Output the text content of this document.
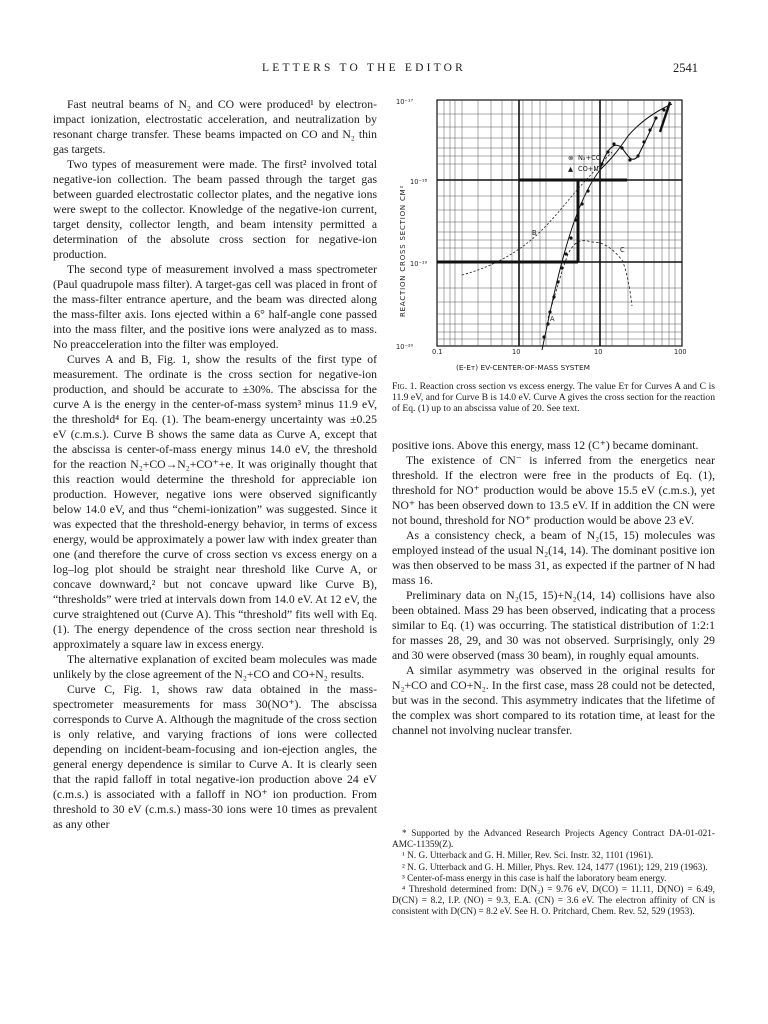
LETTERS TO THE EDITOR	2541

Fast neutral beams of N₂ and CO were produced¹ by electron-impact ionization, electrostatic acceleration, and neutralization by resonant charge transfer. These beams impacted on CO and N₂ thin gas targets.

Two types of measurement were made. The first² involved total negative-ion collection. The beam passed through the target gas between guarded electrostatic collector plates, and the negative ions were swept to the collector. Knowledge of the negative-ion current, target density, collector length, and beam intensity permitted a determination of the absolute cross section for negative-ion production.

The second type of measurement involved a mass spectrometer (Paul quadrupole mass filter). A target-gas cell was placed in front of the mass-filter entrance aperture, and the beam was directed along the mass-filter axis. Ions ejected within a 6° half-angle cone passed into the mass filter, and the positive ions were analyzed as to mass. No preacceleration into the filter was employed.

Curves A and B, Fig. 1, show the results of the first type of measurement. The ordinate is the cross section for negative-ion production, and should be accurate to ±30%. The abscissa for the curve A is the energy in the center-of-mass system³ minus 11.9 eV, the threshold⁴ for Eq. (1). The beam-energy uncertainty was ±0.25 eV (c.m.s.). Curve B shows the same data as Curve A, except that the abscissa is center-of-mass energy minus 14.0 eV, the threshold for the reaction N₂+CO→N₂+CO⁺+e. It was originally thought that this reaction would determine the threshold for appreciable ion production. However, negative ions were observed significantly below 14.0 eV, and thus “chemi-ionization” was suggested. Since it was expected that the threshold-energy behavior, in terms of excess energy, would be approximately a power law with index greater than one (and therefore the curve of cross section vs excess energy on a log–log plot should be straight near threshold like Curve A, or concave downward,² but not concave upward like Curve B), “thresholds” were tried at intervals down from 14.0 eV. At 12 eV, the curve straightened out (Curve A). This “threshold” fits well with Eq. (1). The energy dependence of the cross section near threshold is approximately a square law in excess energy.

The alternative explanation of excited beam molecules was made unlikely by the close agreement of the N₂+CO and CO+N₂ results.

Curve C, Fig. 1, shows raw data obtained in the mass-spectrometer measurements for mass 30(NO⁺). The abscissa corresponds to Curve A. Although the magnitude of the cross section is only relative, and varying fractions of ions were collected depending on incident-beam-focusing and ion-ejection angles, the general energy dependence is similar to Curve A. It is clearly seen that the rapid falloff in total negative-ion production above 24 eV (c.m.s.) is associated with a falloff in NO⁺ ion production. From threshold to 30 eV (c.m.s.) mass-30 ions were 10 times as prevalent as any other

10⁻¹⁷
10⁻¹⁸
10⁻¹⁹
10⁻²⁰
0.1	10	10	100
REACTION CROSS SECTION CM²
(E-Eᴛ) EV-CENTER-OF-MASS SYSTEM
⊗ N₂+CO
▲ CO+N₂
A
B
C
Fig. 1. Reaction cross section vs excess energy. The value Eᴛ for Curves A and C is 11.9 eV, and for Curve B is 14.0 eV. Curve A gives the cross section for the reaction of Eq. (1) up to an abscissa value of 20. See text.

positive ions. Above this energy, mass 12 (C⁺) became dominant.

The existence of CN⁻ is inferred from the energetics near threshold. If the electron were free in the products of Eq. (1), threshold for NO⁺ production would be above 15.5 eV (c.m.s.), yet NO⁺ has been observed down to 13.5 eV. If in addition the CN were not bound, threshold for NO⁺ production would be above 23 eV.

As a consistency check, a beam of N₂(15, 15) molecules was employed instead of the usual N₂(14, 14). The dominant positive ion was then observed to be mass 31, as expected if the partner of N had mass 16.

Preliminary data on N₂(15, 15)+N₂(14, 14) collisions have also been obtained. Mass 29 has been observed, indicating that a process similar to Eq. (1) was occurring. The statistical distribution of 1:2:1 for masses 28, 29, and 30 was not observed. Surprisingly, only 29 and 30 were observed (mass 30 beam), in roughly equal amounts.

A similar asymmetry was observed in the original results for N₂+CO and CO+N₂. In the first case, mass 28 could not be detected, but was in the second. This asymmetry indicates that the lifetime of the complex was short compared to its rotation time, at least for the channel not involving nuclear transfer.

* Supported by the Advanced Research Projects Agency Contract DA-01-021-AMC-11359(Z).

¹ N. G. Utterback and G. H. Miller, Rev. Sci. Instr. 32, 1101 (1961).

² N. G. Utterback and G. H. Miller, Phys. Rev. 124, 1477 (1961); 129, 219 (1963).

³ Center-of-mass energy in this case is half the laboratory beam energy.

⁴ Threshold determined from: D(N₂) = 9.76 eV, D(CO) = 11.11, D(NO) = 6.49, D(CN) = 8.2, I.P. (NO) = 9.3, E.A. (CN) = 3.6 eV. The electron affinity of CN is consistent with D(CN) = 8.2 eV. See H. O. Pritchard, Chem. Rev. 52, 529 (1953).
